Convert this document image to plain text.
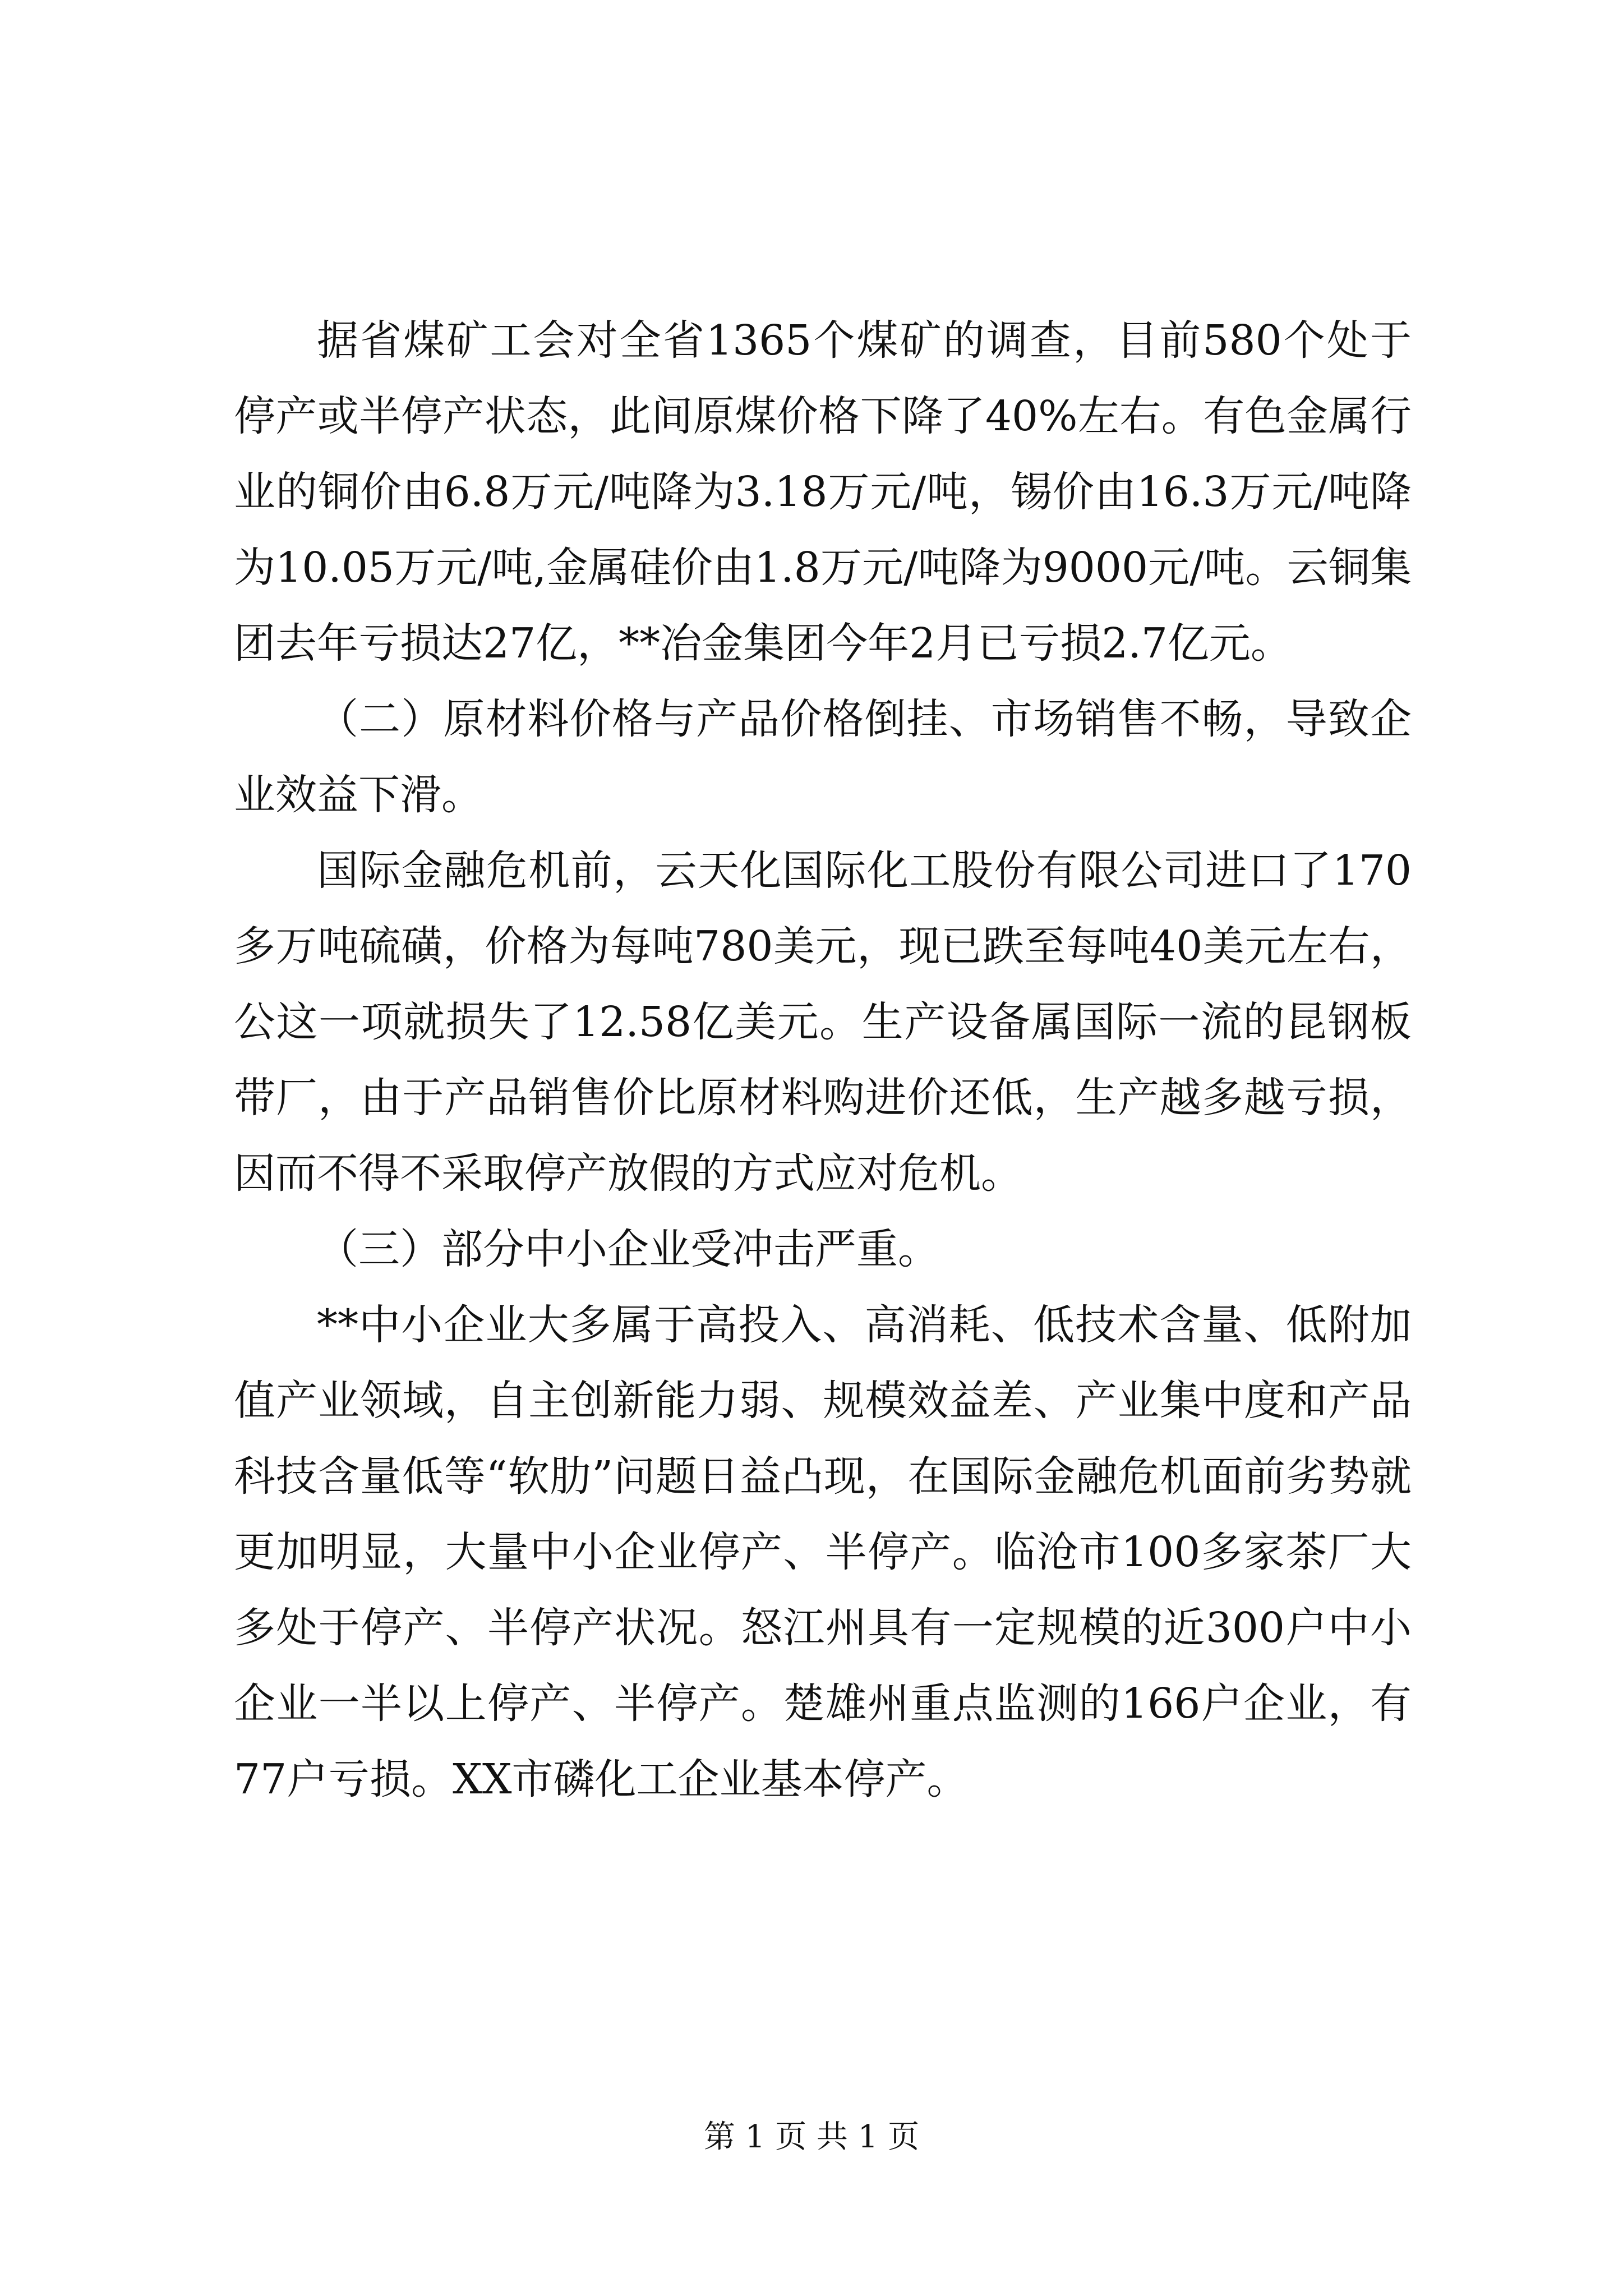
据省煤矿工会对全省1365个煤矿的调查，目前580个处于停产或半停产状态，此间原煤价格下降了40%左右。有色金属行业的铜价由6.8万元/吨降为3.18万元/吨，锡价由16.3万元/吨降为10.05万元/吨,金属硅价由1.8万元/吨降为9000元/吨。云铜集团去年亏损达27亿，**冶金集团今年2月已亏损2.7亿元。

（二）原材料价格与产品价格倒挂、市场销售不畅，导致企业效益下滑。

国际金融危机前，云天化国际化工股份有限公司进口了170多万吨硫磺，价格为每吨780美元，现已跌至每吨40美元左右，公这一项就损失了12.58亿美元。生产设备属国际一流的昆钢板带厂，由于产品销售价比原材料购进价还低，生产越多越亏损，因而不得不采取停产放假的方式应对危机。

（三）部分中小企业受冲击严重。

**中小企业大多属于高投入、高消耗、低技术含量、低附加值产业领域，自主创新能力弱、规模效益差、产业集中度和产品科技含量低等“软肋”问题日益凸现，在国际金融危机面前劣势就更加明显，大量中小企业停产、半停产。临沧市100多家茶厂大多处于停产、半停产状况。怒江州具有一定规模的近300户中小企业一半以上停产、半停产。楚雄州重点监测的166户企业，有77户亏损。XX市磷化工企业基本停产。

第 1 页 共 1 页
